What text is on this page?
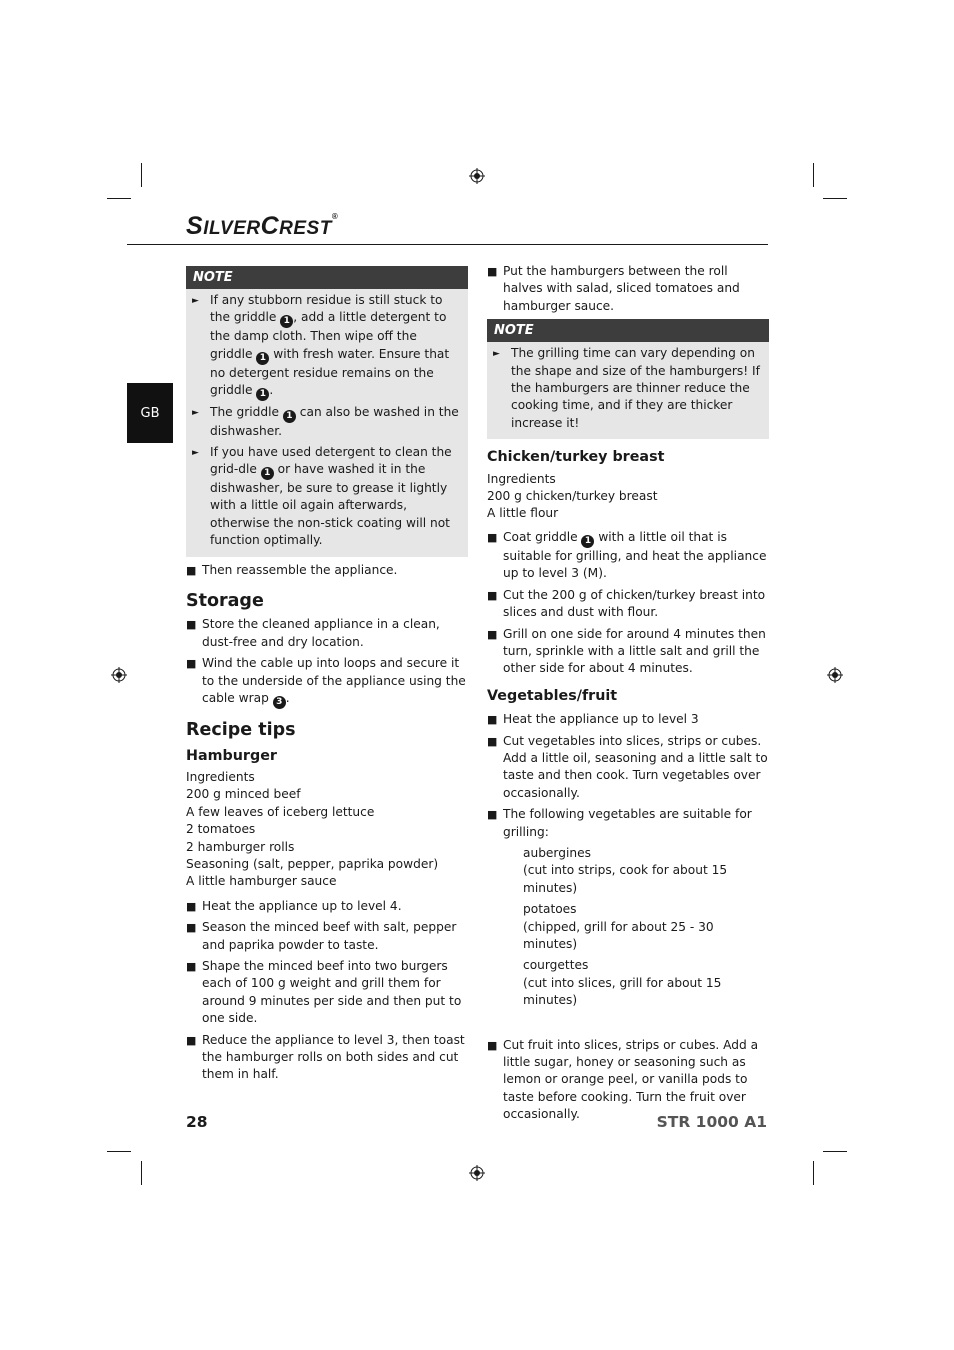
SILVERCREST®
GB
NOTE
► If any stubborn residue is still stuck to the griddle 1 , add a little detergent to the damp cloth. Then wipe off the griddle 1 with fresh water. Ensure that no detergent residue remains on the griddle 1 .

► The griddle 1 can also be washed in the dishwasher.

► If you have used detergent to clean the grid-dle 1 or have washed it in the dishwasher, be sure to grease it lightly with a little oil again afterwards, otherwise the non-stick coating will not function optimally.

■ Then reassemble the appliance.

Storage

■ Store the cleaned appliance in a clean, dust-free and dry location.

■ Wind the cable up into loops and secure it to the underside of the appliance using the cable wrap 3 .

Recipe tips

Hamburger

Ingredients

200 g minced beef

A few leaves of iceberg lettuce

2 tomatoes

2 hamburger rolls

Seasoning (salt, pepper, paprika powder)

A little hamburger sauce

■ Heat the appliance up to level 4.

■ Season the minced beef with salt, pepper and paprika powder to taste.

■ Shape the minced beef into two burgers each of 100 g weight and grill them for around 9 minutes per side and then put to one side.

■ Reduce the appliance to level 3, then toast the hamburger rolls on both sides and cut them in half.

■ Put the hamburgers between the roll halves with salad, sliced tomatoes and hamburger sauce.

NOTE
► The grilling time can vary depending on the shape and size of the hamburgers! If the hamburgers are thinner reduce the cooking time, and if they are thicker increase it!

Chicken/turkey breast

Ingredients

200 g chicken/turkey breast

A little flour

■ Coat griddle 1 with a little oil that is suitable for grilling, and heat the appliance up to level 3 (M).

■ Cut the 200 g of chicken/turkey breast into slices and dust with flour.

■ Grill on one side for around 4 minutes then turn, sprinkle with a little salt and grill the other side for about 4 minutes.

Vegetables/fruit

■ Heat the appliance up to level 3

■ Cut vegetables into slices, strips or cubes. Add a little oil, seasoning and a little salt to taste and then cook. Turn vegetables over occasionally.

■ The following vegetables are suitable for grilling:

aubergines

(cut into strips, cook for about 15 minutes)

potatoes

(chipped, grill for about 25 - 30 minutes)

courgettes

(cut into slices, grill for about 15 minutes)

■ Cut fruit into slices, strips or cubes. Add a little sugar, honey or seasoning such as lemon or orange peel, or vanilla pods to taste before cooking. Turn the fruit over occasionally.

28	STR 1000 A1
